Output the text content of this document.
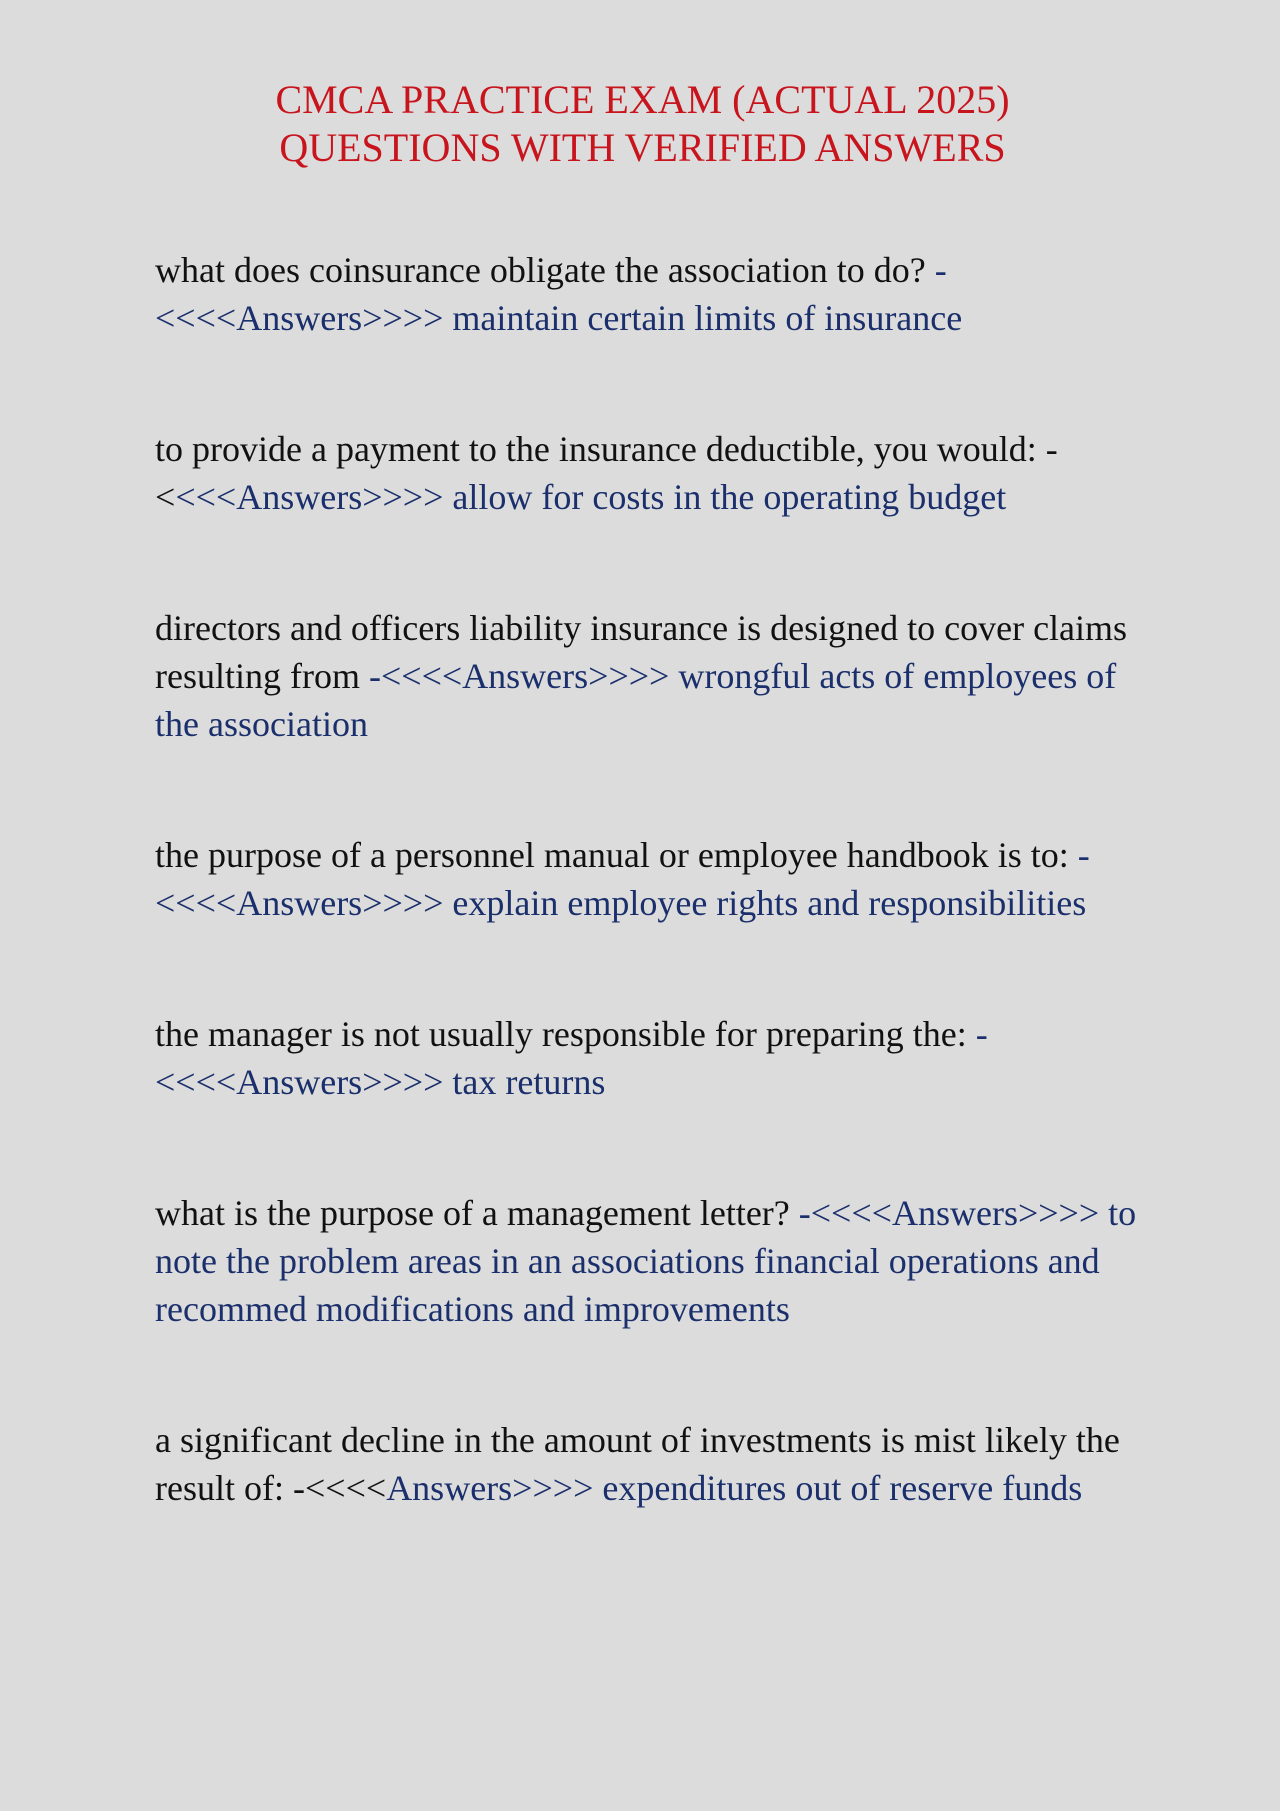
CMCA PRACTICE EXAM (ACTUAL 2025)
QUESTIONS WITH VERIFIED ANSWERS

what does coinsurance obligate the association to do? -<<<<Answers>>>> maintain certain limits of insurance

to provide a payment to the insurance deductible, you would: -<<<<Answers>>>> allow for costs in the operating budget

directors and officers liability insurance is designed to cover claims resulting from -<<<<Answers>>>> wrongful acts of employees of the association

the purpose of a personnel manual or employee handbook is to: -<<<<Answers>>>> explain employee rights and responsibilities

the manager is not usually responsible for preparing the: -<<<<Answers>>>> tax returns

what is the purpose of a management letter? -<<<<Answers>>>> to note the problem areas in an associations financial operations and recommed modifications and improvements

a significant decline in the amount of investments is mist likely the result of: -<<<<Answers>>>> expenditures out of reserve funds
